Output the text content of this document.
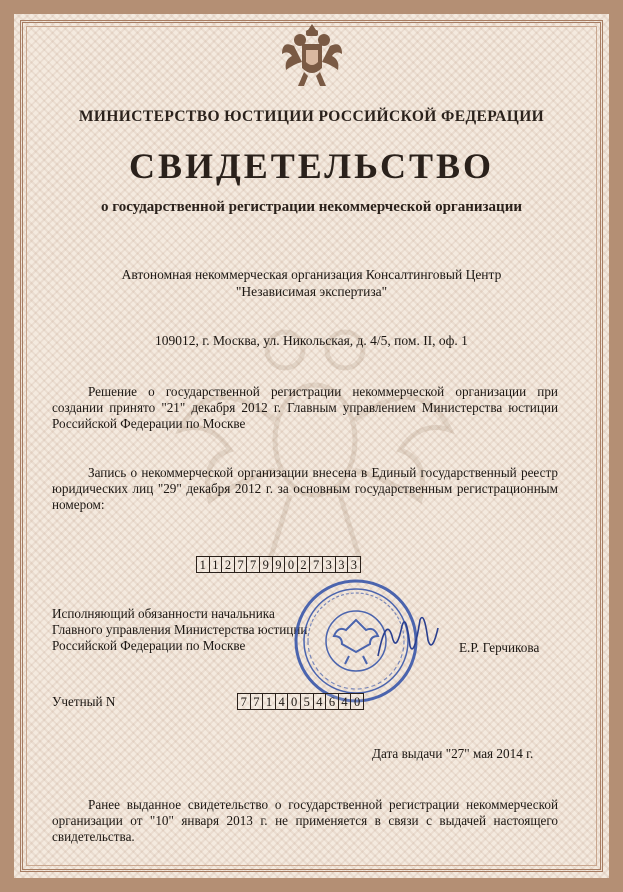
МИНИСТЕРСТВО ЮСТИЦИИ РОССИЙСКОЙ ФЕДЕРАЦИИ
СВИДЕТЕЛЬСТВО
о государственной регистрации некоммерческой организации
Автономная некоммерческая организация Консалтинговый Центр
"Независимая экспертиза"
109012, г. Москва, ул. Никольская, д. 4/5, пом. II, оф. 1
Решение о государственной регистрации некоммерческой организации при создании принято "21" декабря 2012 г. Главным управлением Министерства юстиции Российской Федерации по Москве
Запись о некоммерческой организации внесена в Единый государственный реестр юридических лиц "29" декабря 2012 г. за основным государственным регистрационным номером:
1 1 2 7 7 9 9 0 2 7 3 3 3
Исполняющий обязанности начальника
Главного управления Министерства юстиции
Российской Федерации по Москве	Е.Р. Герчикова
Учетный N	7 7 1 4 0 5 4 6 4 0
Дата выдачи "27" мая 2014 г.
Ранее выданное свидетельство о государственной регистрации некоммерческой организации от "10" января 2013 г. не применяется в связи с выдачей настоящего свидетельства.
